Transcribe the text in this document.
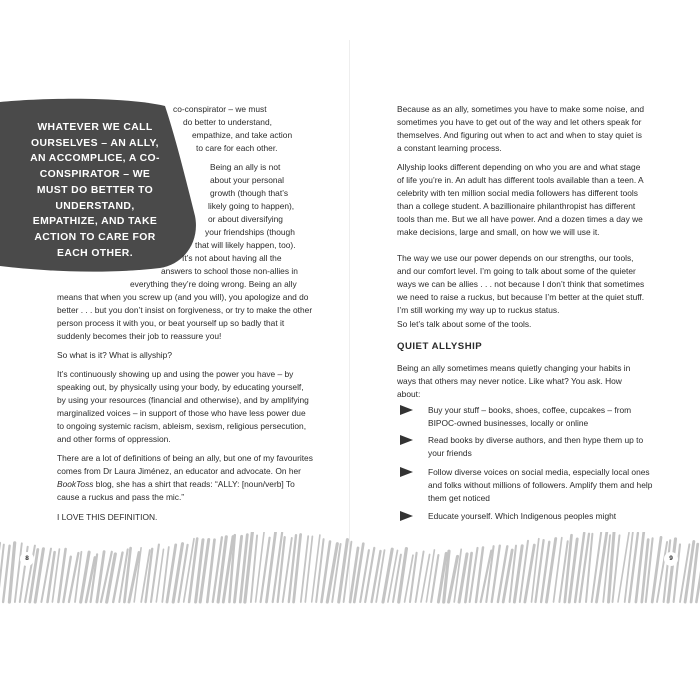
WHATEVER WE CALL OURSELVES – AN ALLY, AN ACCOMPLICE, A CO-CONSPIRATOR – WE MUST DO BETTER TO UNDERSTAND, EMPATHIZE, AND TAKE ACTION TO CARE FOR EACH OTHER.
co-conspirator – we must
do better to understand,
empathize, and take action
to care for each other.
Being an ally is not
about your personal
growth (though that’s
likely going to happen),
or about diversifying
your friendships (though
that will likely happen, too).
It’s not about having all the
answers to school those non-allies in
everything they’re doing wrong. Being an ally

means that when you screw up (and you will), you apologize and do better . . . but you don’t insist on forgiveness, or try to make the other person process it with you, or beat yourself up so badly that it suddenly becomes their job to reassure you!

So what is it? What is allyship?

It’s continuously showing up and using the power you have – by speaking out, by physically using your body, by educating yourself, by using your resources (financial and otherwise), and by amplifying marginalized voices – in support of those who have less power due to ongoing systemic racism, ableism, sexism, religious persecution, and other forms of oppression.

There are a lot of definitions of being an ally, but one of my favourites comes from Dr Laura Jiménez, an educator and advocate. On her BookToss blog, she has a shirt that reads: “ALLY: [noun/verb] To cause a ruckus and pass the mic.”

I LOVE THIS DEFINITION.

Because as an ally, sometimes you have to make some noise, and sometimes you have to get out of the way and let others speak for themselves. And figuring out when to act and when to stay quiet is a constant learning process.

Allyship looks different depending on who you are and what stage of life you’re in. An adult has different tools available than a teen. A celebrity with ten million social media followers has different tools than a college student. A bazillionaire philanthropist has different tools than me. But we all have power. And a dozen times a day we make decisions, large and small, on how we will use it.

The way we use our power depends on our strengths, our tools, and our comfort level. I’m going to talk about some of the quieter ways we can be allies . . . not because I don’t think that sometimes we need to raise a ruckus, but because I’m better at the quiet stuff. I’m still working my way up to ruckus status.

So let’s talk about some of the tools.

QUIET ALLYSHIP

Being an ally sometimes means quietly changing your habits in ways that others may never notice. Like what? You ask. How about:

Buy your stuff – books, shoes, coffee, cupcakes – from BIPOC-owned businesses, locally or online
Read books by diverse authors, and then hype them up to your friends
Follow diverse voices on social media, especially local ones and folks without millions of followers. Amplify them and help them get noticed
Educate yourself. Which Indigenous peoples might
8	9
